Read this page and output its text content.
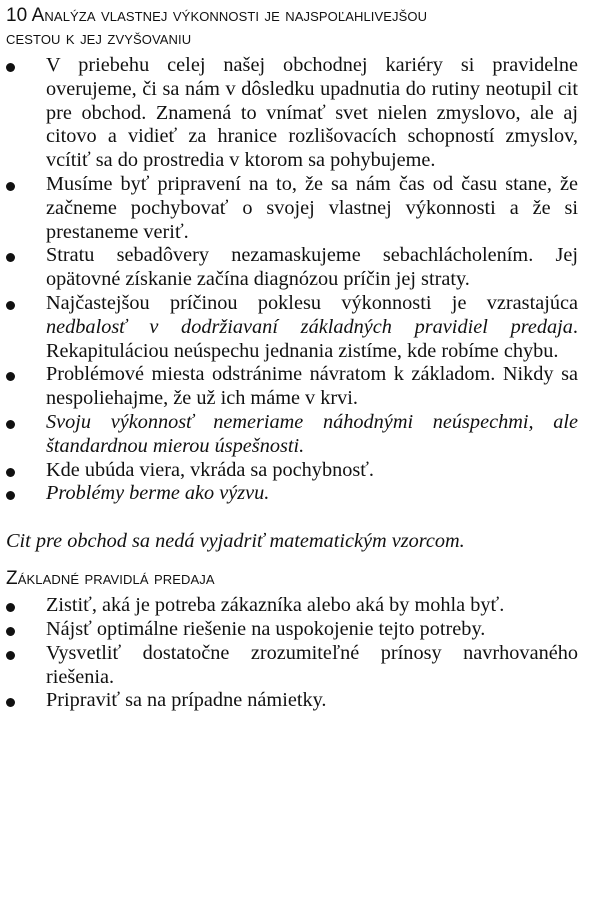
10 Analýza vlastnej výkonnosti je najspoľahlivejšou
cestou k jej zvyšovaniu
V priebehu celej našej obchodnej kariéry si pravidelne overujeme, či sa nám v dôsledku upadnutia do rutiny neotupil cit pre obchod. Znamená to vnímať svet nielen zmyslovo, ale aj citovo a vidieť za hranice rozlišovacích schopností zmyslov, vcítiť sa do prostredia v ktorom sa pohybujeme.
Musíme byť pripravení na to, že sa nám čas od času stane, že začneme pochybovať o svojej vlastnej výkonnosti a že si prestaneme veriť.
Stratu sebadôvery nezamaskujeme sebachlácholením. Jej opätovné získanie začína diagnózou príčin jej straty.
Najčastejšou príčinou poklesu výkonnosti je vzrastajúca nedbalosť v dodržiavaní základných pravidiel predaja. Rekapituláciou neúspechu jednania zistíme, kde robíme chybu.
Problémové miesta odstránime návratom k základom. Nikdy sa nespoliehajme, že už ich máme v krvi.
Svoju výkonnosť nemeriame náhodnými neúspechmi, ale štandardnou mierou úspešnosti.
Kde ubúda viera, vkráda sa pochybnosť.
Problémy berme ako výzvu.

Cit pre obchod sa nedá vyjadriť matematickým vzorcom.

Základné pravidlá predaja
Zistiť, aká je potreba zákazníka alebo aká by mohla byť.
Nájsť optimálne riešenie na uspokojenie tejto potreby.
Vysvetliť dostatočne zrozumiteľné prínosy navrhovaného riešenia.
Pripraviť sa na prípadne námietky.
